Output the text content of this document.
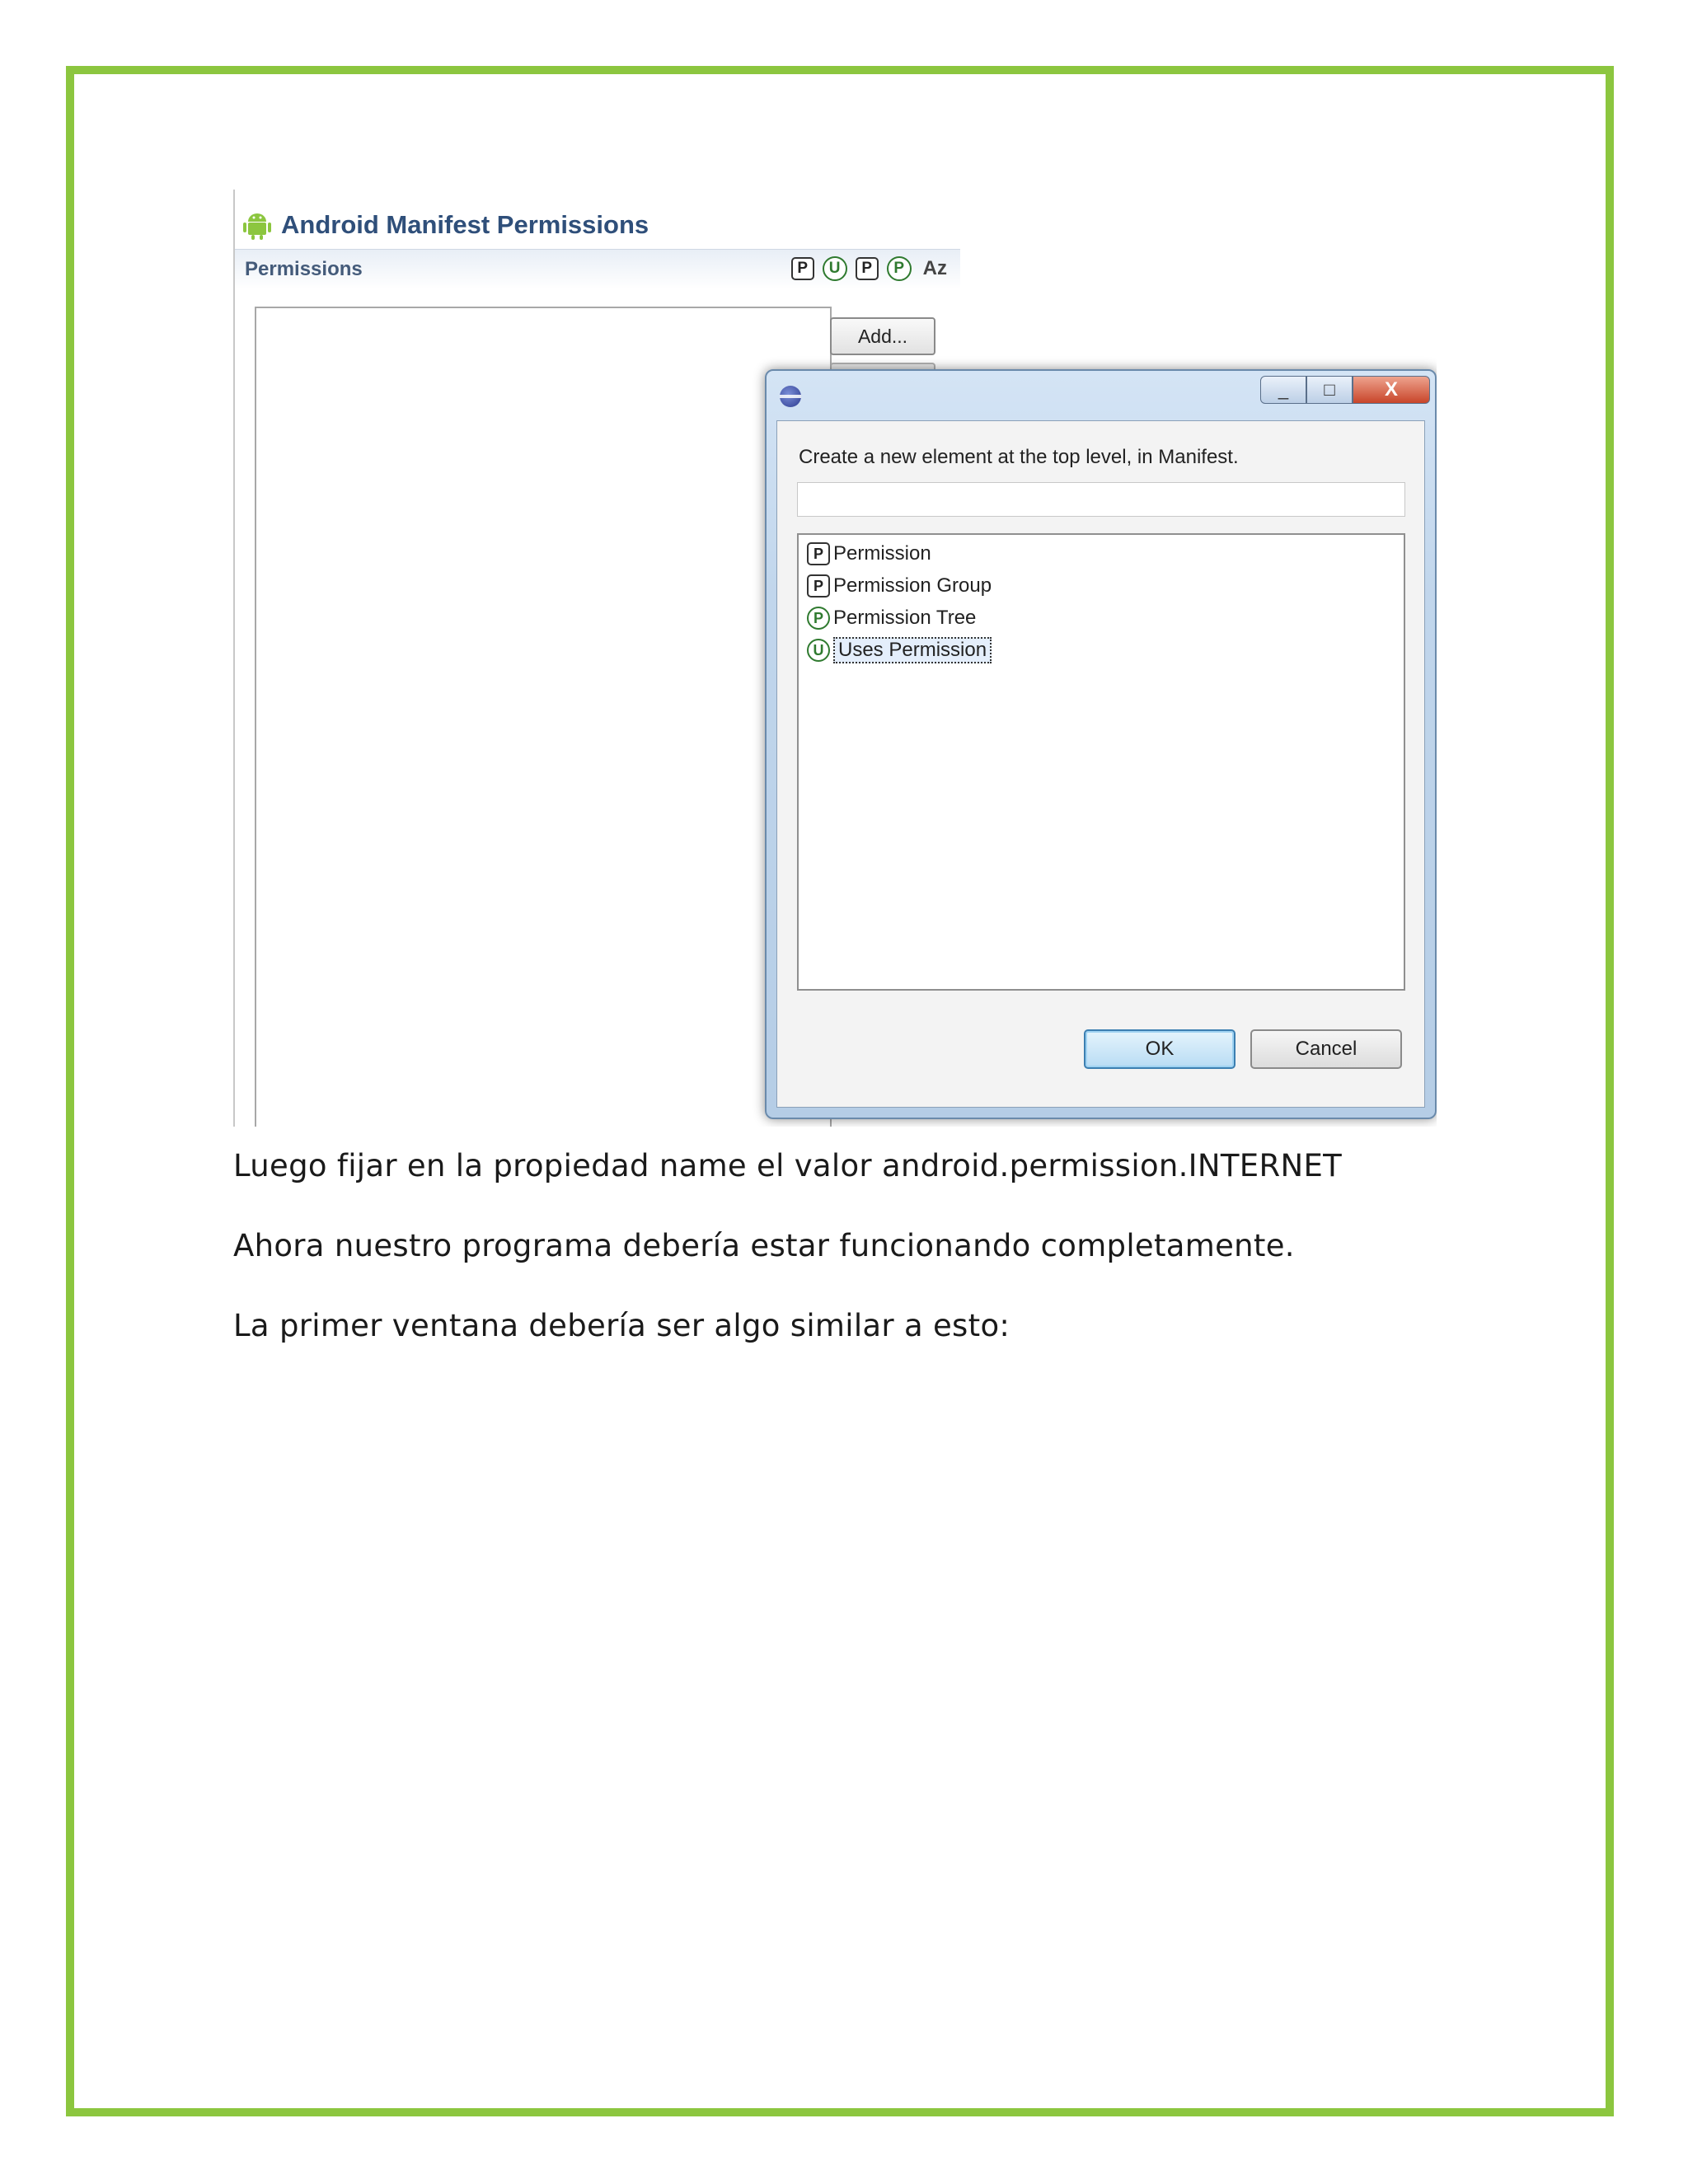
Android Manifest Permissions
Permissions	P	U	P	P Az
Add...
_	□	X
Create a new element at the top level, in Manifest.
P Permission
P Permission Group
P Permission Tree
U Uses Permission
OK	Cancel
Luego fijar en la propiedad name el valor android.permission.INTERNET
Ahora nuestro programa debería estar funcionando completamente.
La primer ventana debería ser algo similar a esto:
